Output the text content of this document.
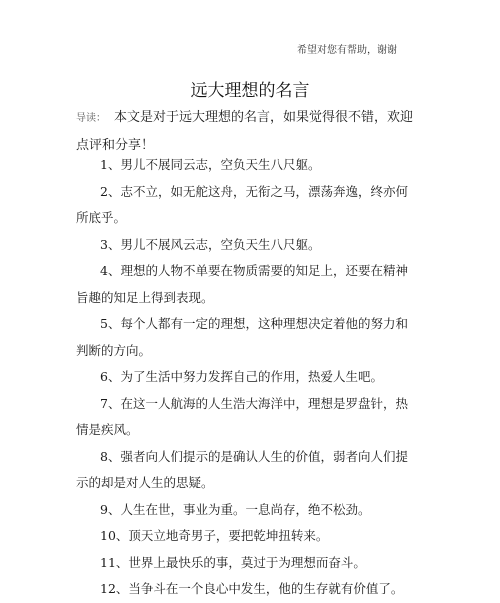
希望对您有帮助，谢谢
远大理想的名言
导读： 本文是对于远大理想的名言，如果觉得很不错，欢迎点评和分享！

1、男儿不展同云志，空负天生八尺躯。

2、志不立，如无舵这舟，无衔之马，漂荡奔逸，终亦何所底乎。

3、男儿不展风云志，空负天生八尺躯。

4、理想的人物不单要在物质需要的知足上，还要在精神旨趣的知足上得到表现。

5、每个人都有一定的理想，这种理想决定着他的努力和判断的方向。

6、为了生活中努力发挥自己的作用，热爱人生吧。

7、在这一人航海的人生浩大海洋中，理想是罗盘针，热情是疾风。

8、强者向人们提示的是确认人生的价值，弱者向人们提示的却是对人生的思疑。

9、人生在世，事业为重。一息尚存，绝不松劲。

10、顶天立地奇男子，要把乾坤扭转来。

11、世界上最快乐的事，莫过于为理想而奋斗。

12、当争斗在一个良心中发生，他的生存就有价值了。
